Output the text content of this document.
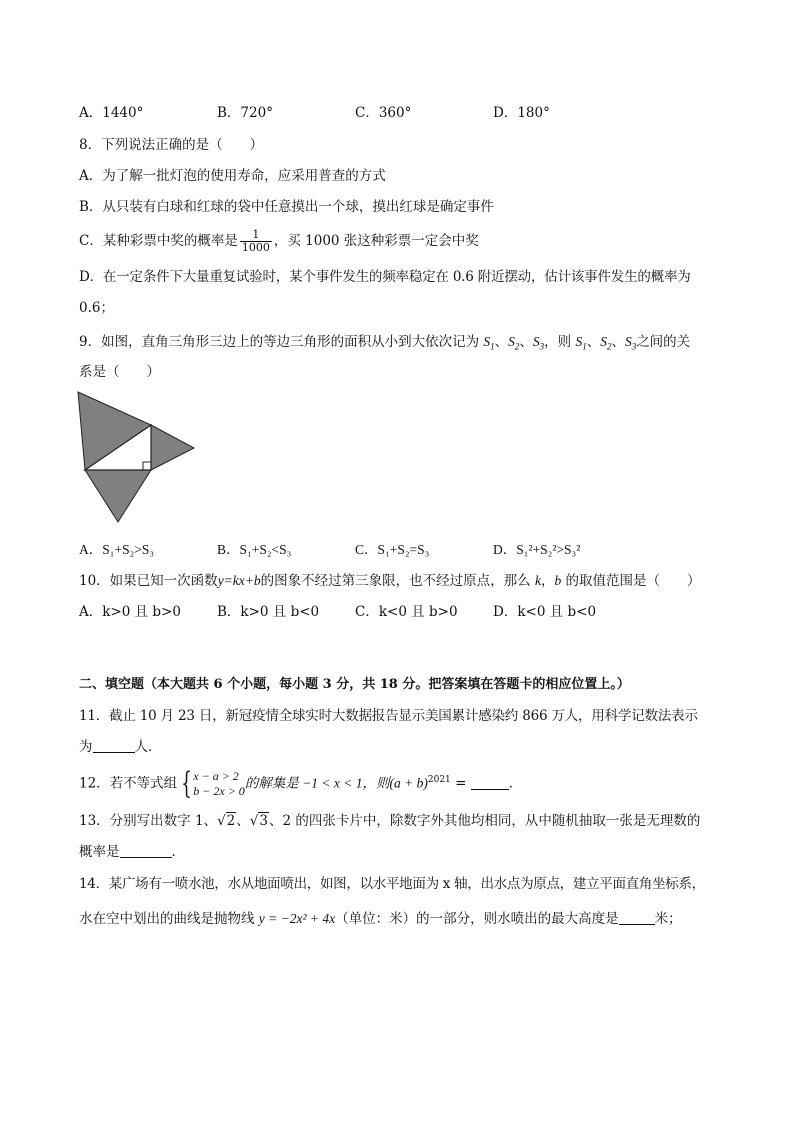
A．1440°	B．720°	C．360°	D．180°
8．下列说法正确的是（　　）
A．为了解一批灯泡的使用寿命，应采用普查的方式
B．从只装有白球和红球的袋中任意摸出一个球，摸出红球是确定事件
C．某种彩票中奖的概率是 $\frac{1}{1000}$ ，买 1000 张这种彩票一定会中奖
D．在一定条件下大量重复试验时，某个事件发生的频率稳定在 0.6 附近摆动，估计该事件发生的概率为
0.6；
9．如图，直角三角形三边上的等边三角形的面积从小到大依次记为 $S_1$、$S_2$、$S_3$，则 $S_1$、$S_2$、$S_3$之间的关
系是（　　）
A．S₁+S₂>S₃	B．S₁+S₂<S₃	C．S₁+S₂=S₃	D．S₁²+S₂²>S₃²
10．如果已知一次函数y=kx+b的图象不经过第三象限，也不经过原点，那么 k，b 的取值范围是（　　）
A．k>0 且 b>0	B．k>0 且 b<0	C．k<0 且 b>0	D．k<0 且 b<0
二、填空题（本大题共 6 个小题，每小题 3 分，共 18 分。把答案填在答题卡的相应位置上。）
11．截止 10 月 23 日，新冠疫情全球实时大数据报告显示美国累计感染约 866 万人，用科学记数法表示
为	人．
12．若不等式组 { x − a > 2
b − 2x > 0
的解集是 −1 < x < 1，则$(a + b)^{2021}$ =	．
13．分别写出数字 1、√2、√3、2 的四张卡片中，除数字外其他均相同，从中随机抽取一张是无理数的
概率是	．
14．某广场有一喷水池，水从地面喷出，如图，以水平地面为 x 轴，出水点为原点，建立平面直角坐标系，
水在空中划出的曲线是抛物线 y = −2x² + 4x（单位：米）的一部分，则水喷出的最大高度是	米；
